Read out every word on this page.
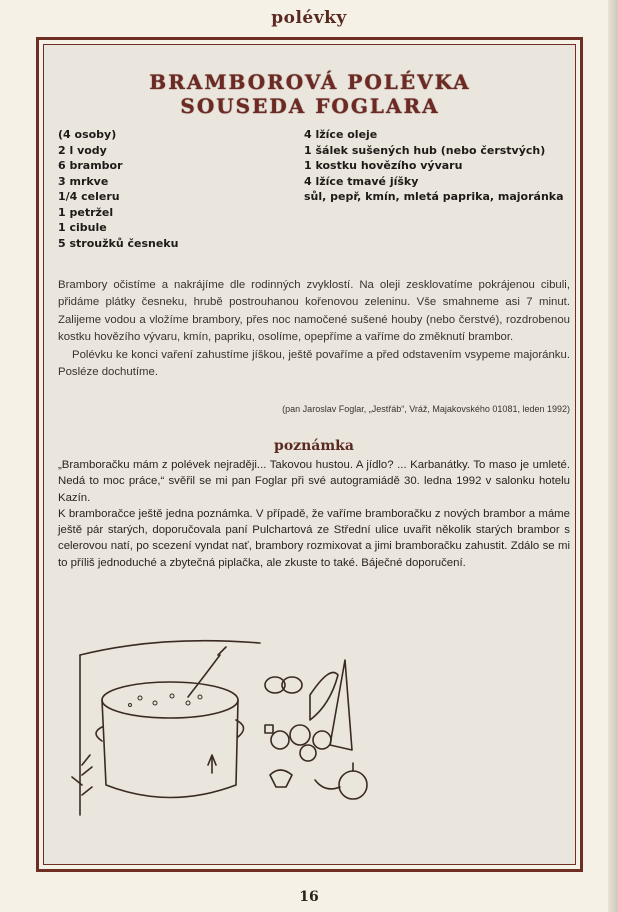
polévky
BRAMBOROVÁ POLÉVKA
SOUSEDA FOGLARA
(4 osoby)
2 l vody
6 brambor
3 mrkve
1/4 celeru
1 petržel
1 cibule
5 stroužků česneku
4 lžíce oleje
1 šálek sušených hub (nebo čerstvých)
1 kostku hovězího vývaru
4 lžíce tmavé jíšky
sůl, pepř, kmín, mletá paprika, majoránka

Brambory očistíme a nakrájíme dle rodinných zvyklostí. Na oleji zesklovatíme pokrájenou cibuli, přidáme plátky česneku, hrubě postrouhanou kořenovou zeleninu. Vše smahneme asi 7 minut. Zalijeme vodou a vložíme brambory, přes noc namočené sušené houby (nebo čerstvé), rozdrobenou kostku hovězího vývaru, kmín, papriku, osolíme, opepříme a vaříme do změknutí brambor.

Polévku ke konci vaření zahustíme jíškou, ještě povaříme a před odstavením vsypeme majoránku. Posléze dochutíme.

(pan Jaroslav Foglar, „Jestřáb“, Vráž, Majakovského 01081, leden 1992)
poznámka

„Bramboračku mám z polévek nejraději... Takovou hustou. A jídlo? ... Karbanátky. To maso je umleté. Nedá to moc práce,“ svěřil se mi pan Foglar při své autogramiádě 30. ledna 1992 v salonku hotelu Kazín.

K bramboračce ještě jedna poznámka. V případě, že vaříme bramboračku z nových brambor a máme ještě pár starých, doporučovala paní Pulchartová ze Střední ulice uvařit několik starých brambor s celerovou natí, po scezení vyndat nať, brambory rozmixovat a jimi bramboračku zahustit. Zdálo se mi to příliš jednoduché a zbytečná piplačka, ale zkuste to také. Báječné doporučení.

16
